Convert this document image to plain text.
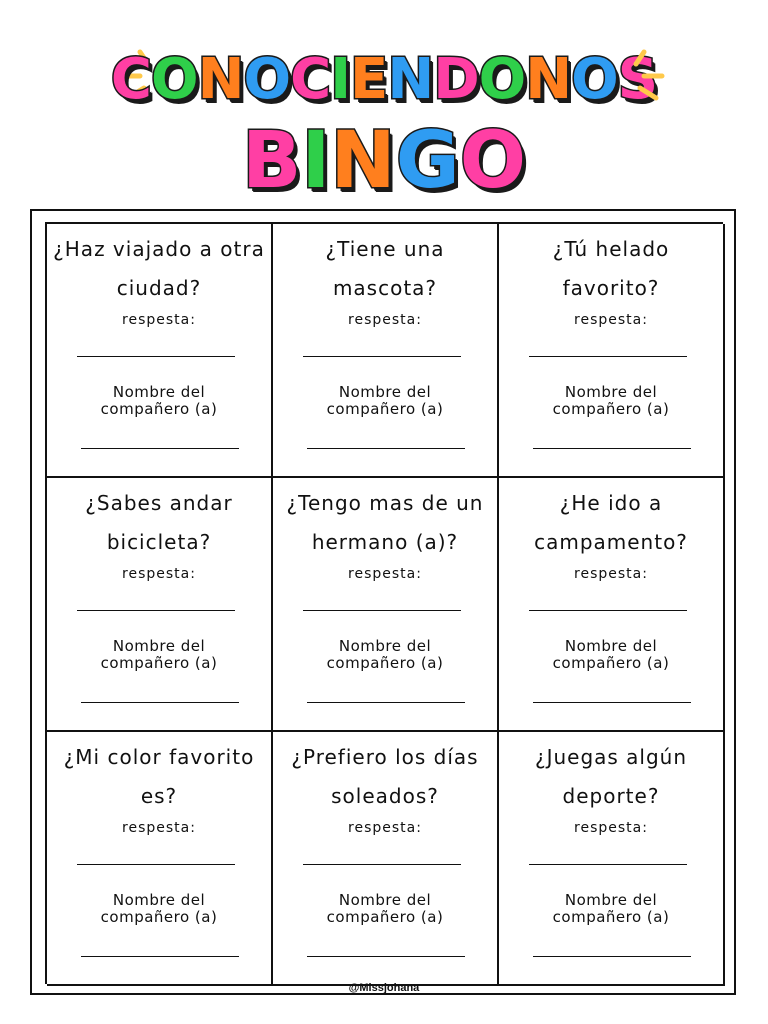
CONOCIENDONOS
BINGO
¿Haz viajado a otra ciudad?
respesta:
Nombre del
compañero (a)
¿Tiene una mascota?
respesta:
Nombre del
compañero (a)
¿Tú helado favorito?
respesta:
Nombre del
compañero (a)
¿Sabes andar bicicleta?
respesta:
Nombre del
compañero (a)
¿Tengo mas de un hermano (a)?
respesta:
Nombre del
compañero (a)
¿He ido a campamento?
respesta:
Nombre del
compañero (a)
¿Mi color favorito es?
respesta:
Nombre del
compañero (a)
¿Prefiero los días soleados?
respesta:
Nombre del
compañero (a)
¿Juegas algún deporte?
respesta:
Nombre del
compañero (a)
@Missjohana
